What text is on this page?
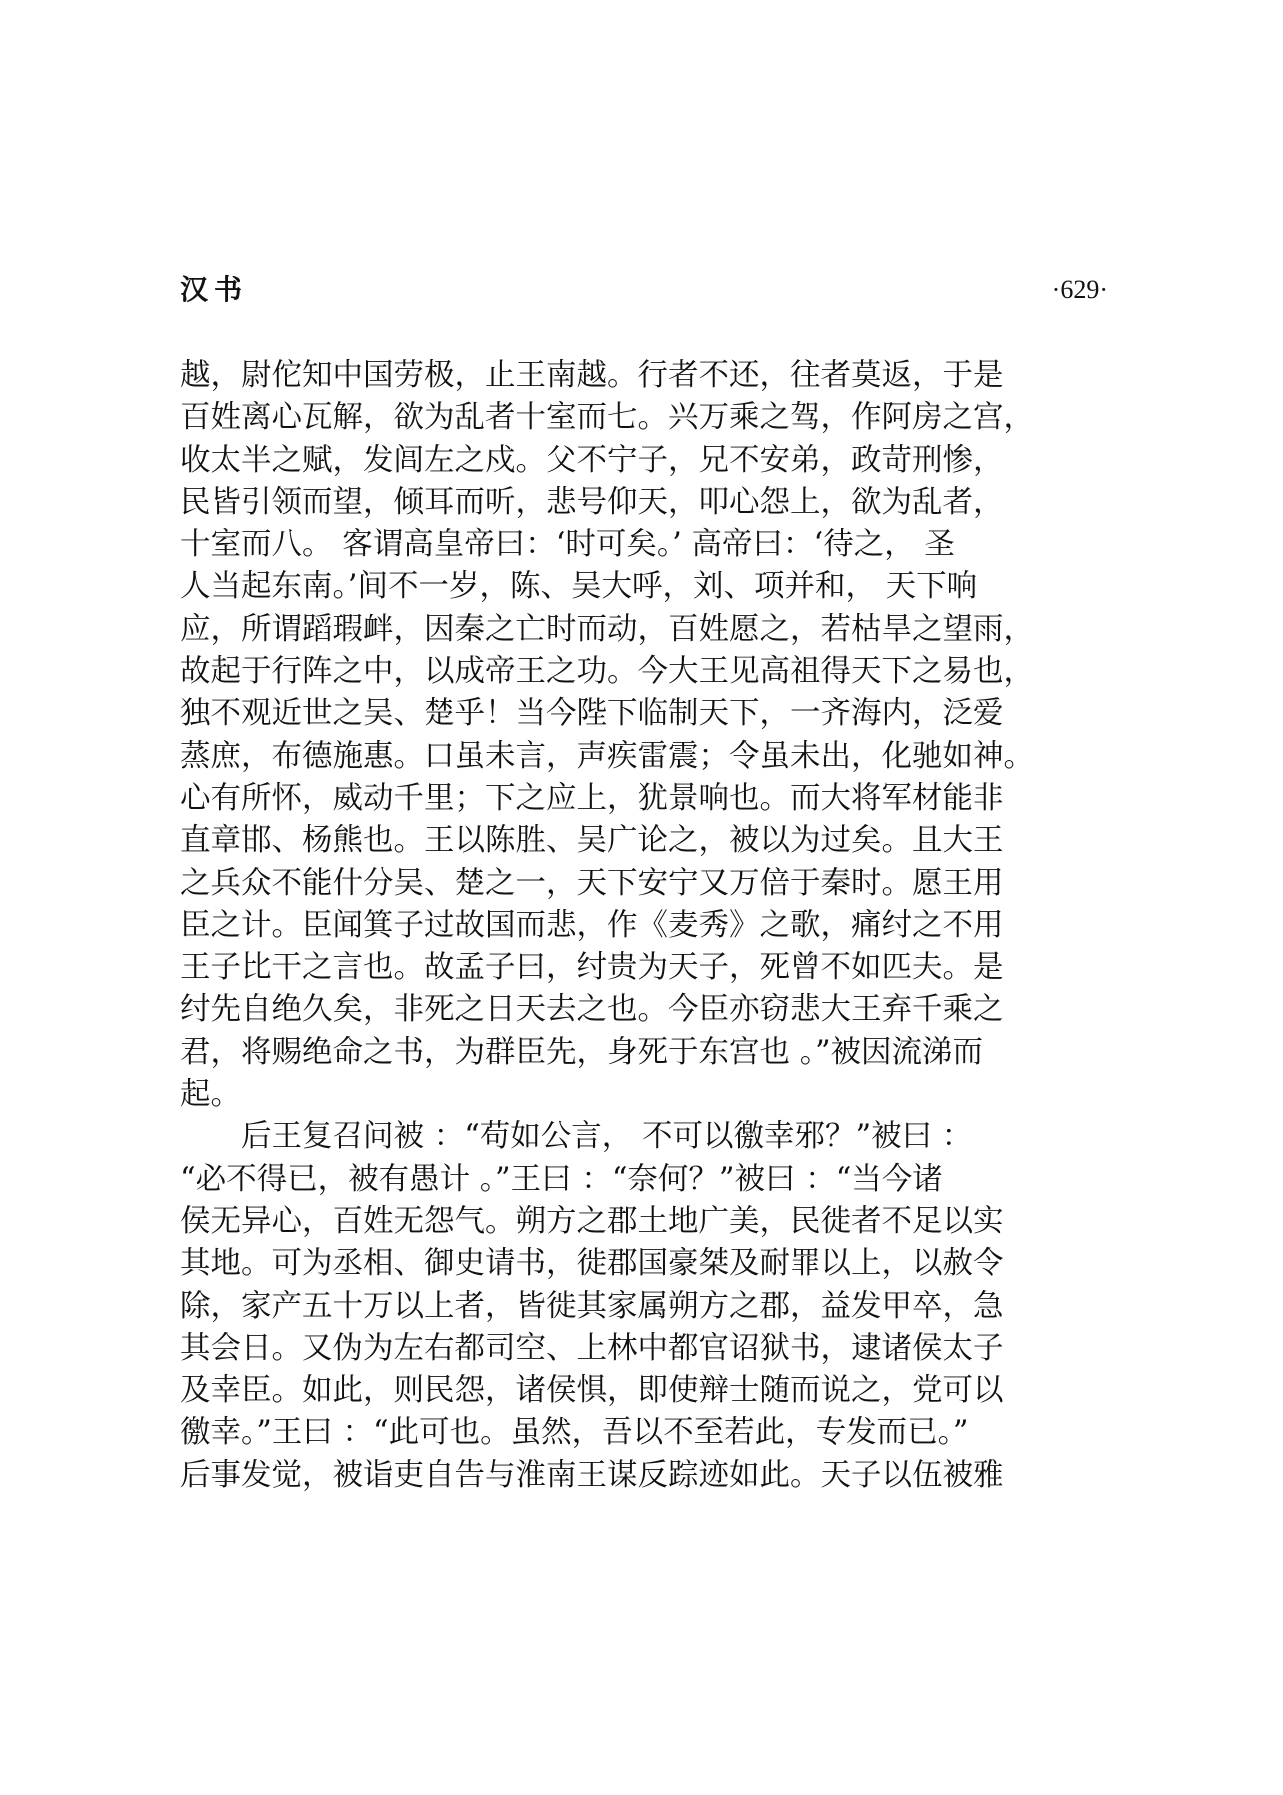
汉书	·629·
越，尉佗知中国劳极，止王南越。行者不还，往者莫返，于是
百姓离心瓦解，欲为乱者十室而七。兴万乘之驾，作阿房之宫，
收太半之赋，发闾左之戍。父不宁子，兄不安弟，政苛刑惨，
民皆引领而望，倾耳而听，悲号仰天，叩心怨上，欲为乱者，
十室而八。 客谓高皇帝曰：‘时可矣。’ 高帝曰：‘待之， 圣
人当起东南。’间不一岁，陈、吴大呼，刘、项并和， 天下响
应，所谓蹈瑕衅，因秦之亡时而动，百姓愿之，若枯旱之望雨，
故起于行阵之中，以成帝王之功。今大王见高祖得天下之易也，
独不观近世之吴、楚乎！当今陛下临制天下，一齐海内，泛爱
蒸庶，布德施惠。口虽未言，声疾雷震；令虽未出，化驰如神。
心有所怀，威动千里；下之应上，犹景响也。而大将军材能非
直章邯、杨熊也。王以陈胜、吴广论之，被以为过矣。且大王
之兵众不能什分吴、楚之一，天下安宁又万倍于秦时。愿王用
臣之计。臣闻箕子过故国而悲，作《麦秀》之歌，痛纣之不用
王子比干之言也。故孟子曰，纣贵为天子，死曾不如匹夫。是
纣先自绝久矣，非死之日天去之也。今臣亦窃悲大王弃千乘之
君，将赐绝命之书，为群臣先，身死于东宫也 。”被因流涕而
起。
　　后王复召问被 ：“苟如公言， 不可以徼幸邪？”被曰 ：
“必不得已，被有愚计 。”王曰 ：“奈何？”被曰 ：“当今诸
侯无异心，百姓无怨气。朔方之郡土地广美，民徙者不足以实
其地。可为丞相、御史请书，徙郡国豪桀及耐罪以上，以赦令
除，家产五十万以上者，皆徙其家属朔方之郡，益发甲卒，急
其会日。又伪为左右都司空、上林中都官诏狱书，逮诸侯太子
及幸臣。如此，则民怨，诸侯惧，即使辩士随而说之，党可以
徼幸。”王曰 ：“此可也。虽然，吾以不至若此，专发而已。”
后事发觉，被诣吏自告与淮南王谋反踪迹如此。天子以伍被雅
